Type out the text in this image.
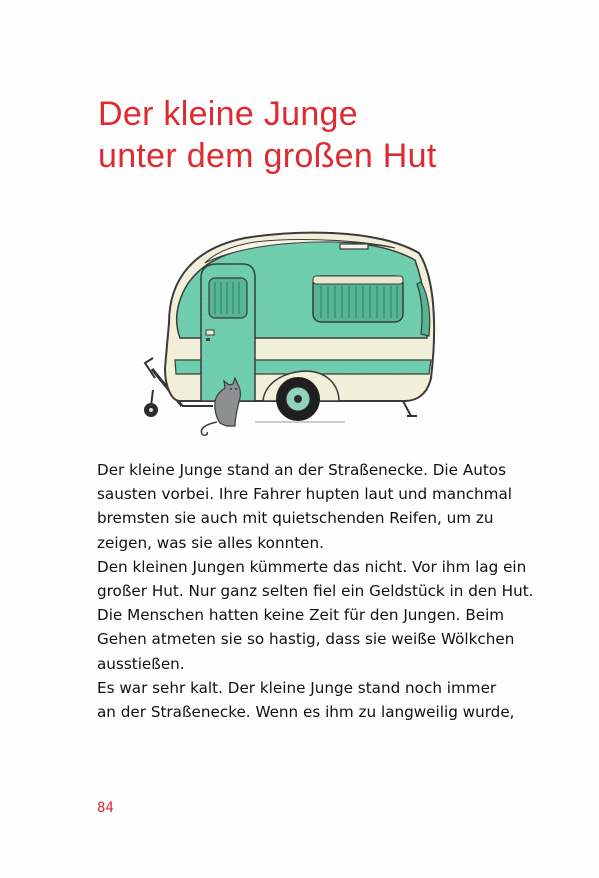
Der kleine Junge
unter dem großen Hut
Der kleine Junge stand an der Straßenecke. Die Autos
sausten vorbei. Ihre Fahrer hupten laut und manchmal
bremsten sie auch mit quietschenden Reifen, um zu
zeigen, was sie alles konnten.
Den kleinen Jungen kümmerte das nicht. Vor ihm lag ein
großer Hut. Nur ganz selten fiel ein Geldstück in den Hut.
Die Menschen hatten keine Zeit für den Jungen. Beim
Gehen atmeten sie so hastig, dass sie weiße Wölkchen
ausstießen.
Es war sehr kalt. Der kleine Junge stand noch immer
an der Straßenecke. Wenn es ihm zu langweilig wurde,
84
